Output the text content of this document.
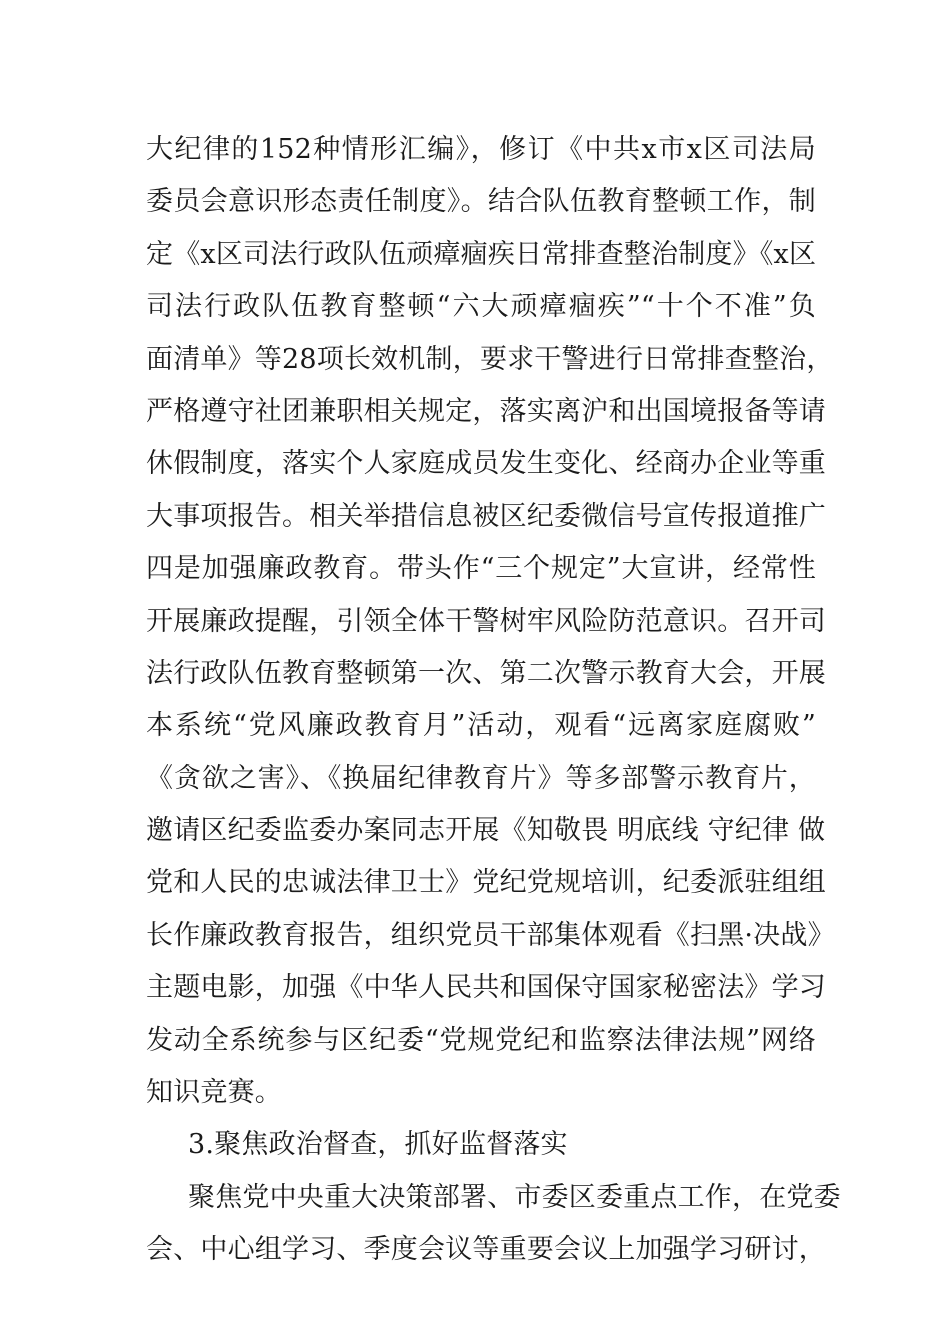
大纪律的152种情形汇编》，修订《中共x市x区司法局
委员会意识形态责任制度》。结合队伍教育整顿工作，制
定《x区司法行政队伍顽瘴痼疾日常排查整治制度》《x区
司法行政队伍教育整顿“六大顽瘴痼疾”“十个不准”负
面清单》等28项长效机制，要求干警进行日常排查整治，
严格遵守社团兼职相关规定，落实离沪和出国境报备等请
休假制度，落实个人家庭成员发生变化、经商办企业等重
大事项报告。相关举措信息被区纪委微信号宣传报道推广
四是加强廉政教育。带头作“三个规定”大宣讲，经常性
开展廉政提醒，引领全体干警树牢风险防范意识。召开司
法行政队伍教育整顿第一次、第二次警示教育大会，开展
本系统“党风廉政教育月”活动，观看“远离家庭腐败”
《贪欲之害》、《换届纪律教育片》等多部警示教育片，
邀请区纪委监委办案同志开展《知敬畏 明底线 守纪律 做
党和人民的忠诚法律卫士》党纪党规培训，纪委派驻组组
长作廉政教育报告，组织党员干部集体观看《扫黑·决战》
主题电影，加强《中华人民共和国保守国家秘密法》学习
发动全系统参与区纪委“党规党纪和监察法律法规”网络
知识竞赛。
3.聚焦政治督查，抓好监督落实
聚焦党中央重大决策部署、市委区委重点工作，在党委
会、中心组学习、季度会议等重要会议上加强学习研讨，
